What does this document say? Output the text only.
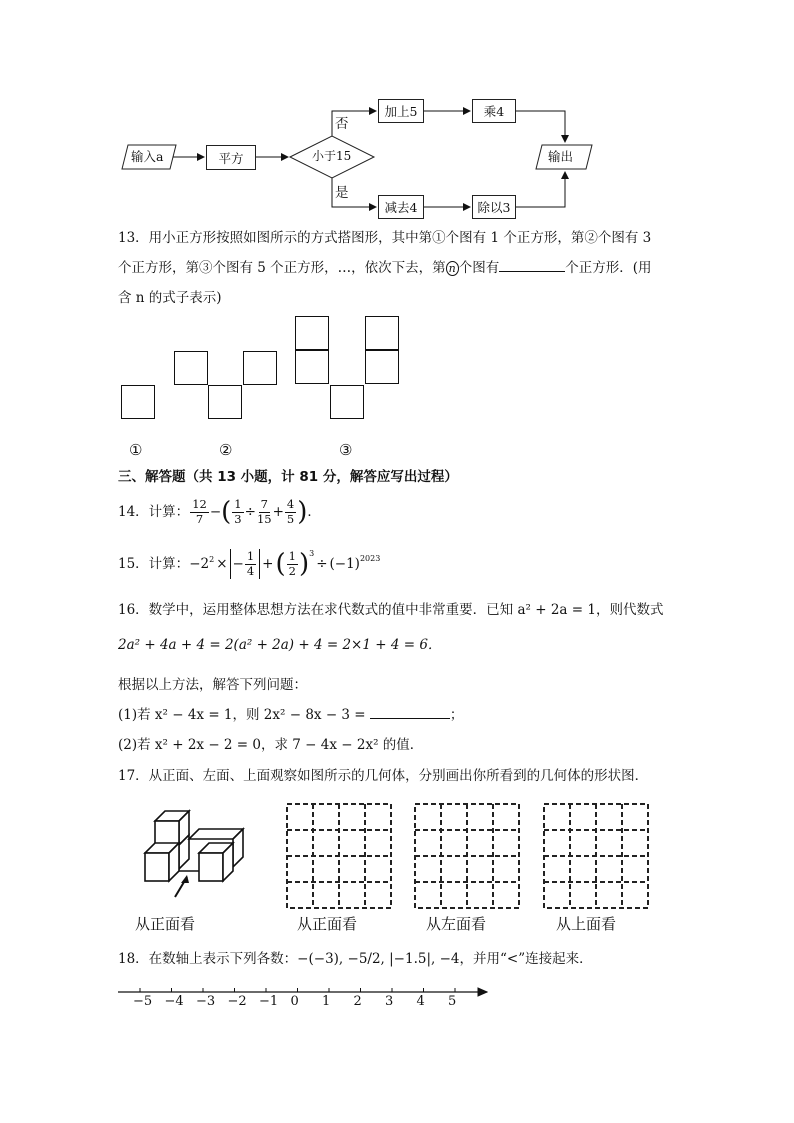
输入a	平方	小于15
否
是
加上5	乘4
减去4	除以3
输出
13．用小正方形按照如图所示的方式搭图形，其中第①个图有 1 个正方形，第②个图有 3
个正方形，第③个图有 5 个正方形，…，依次下去，第 n 个图有	个正方形．(用
含 n 的式子表示)
①	②	③
三、解答题（共 13 小题，计 81 分，解答应写出过程）
14．计算： $\frac{12}{7}$ − ( $\frac{1}{3} \div \frac{7}{15} + \frac{4}{5}$ ) ．
15．计算： $-2^2$ × − $\frac{1}{4}$ + ( $\frac{1}{2} )^3$
÷ $(-1)^{2023}$
16．数学中，运用整体思想方法在求代数式的值中非常重要．已知 a² + 2a = 1，则代数式
2a² + 4a + 4 = 2(a² + 2a) + 4 = 2×1 + 4 = 6．
根据以上方法，解答下列问题：
(1)若 x² − 4x = 1，则 2x² − 8x − 3 =	；
(2)若 x² + 2x − 2 = 0，求 7 − 4x − 2x² 的值．
17．从正面、左面、上面观察如图所示的几何体，分别画出你所看到的几何体的形状图．
从正面看	从正面看	从左面看	从上面看
18．在数轴上表示下列各数：−(−3), −5/2, |−1.5|, −4，并用“<”连接起来．
−5 −4 −3 −2 −1 0 1 2 3 4 5
